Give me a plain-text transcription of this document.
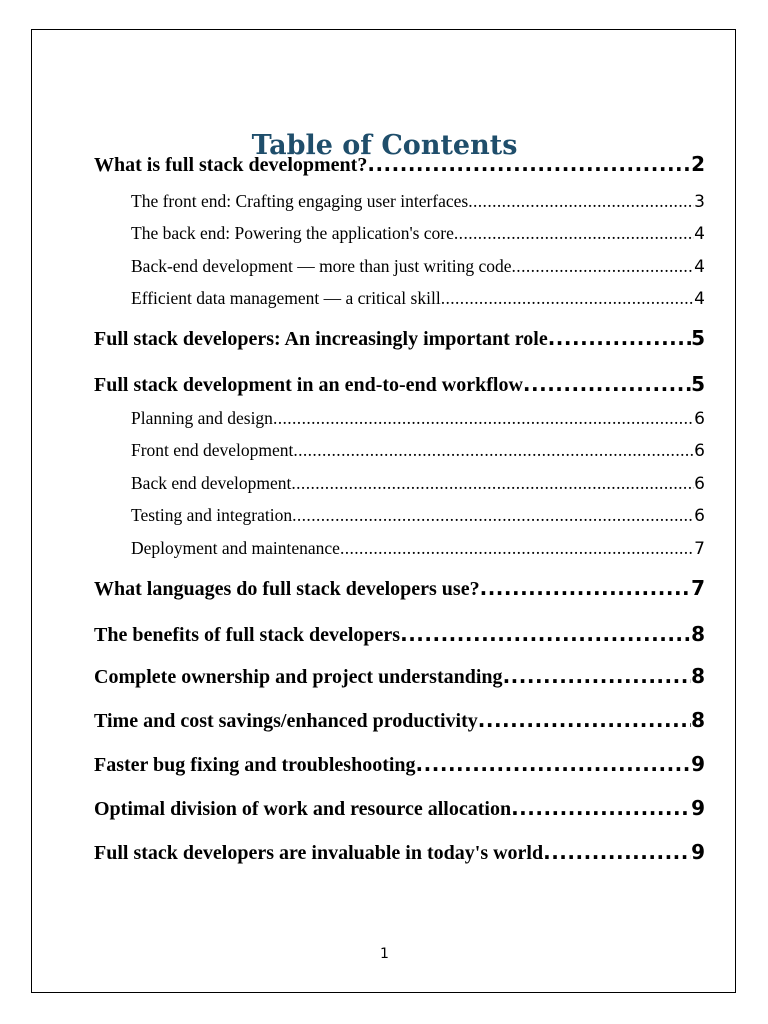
Table of Contents
What is full stack development? .....	2
The front end: Crafting engaging user interfaces .....	3
The back end: Powering the application's core .....	4
Back-end development — more than just writing code .....	4
Efficient data management — a critical skill .....	4
Full stack developers: An increasingly important role .....	5
Full stack development in an end-to-end workflow .....	5
Planning and design .....	6
Front end development .....	6
Back end development .....	6
Testing and integration .....	6
Deployment and maintenance .....	7
What languages do full stack developers use? .....	7
The benefits of full stack developers .....	8
Complete ownership and project understanding .....	8
Time and cost savings/enhanced productivity .....	8
Faster bug fixing and troubleshooting .....	9
Optimal division of work and resource allocation .....	9
Full stack developers are invaluable in today's world .....	9
1
